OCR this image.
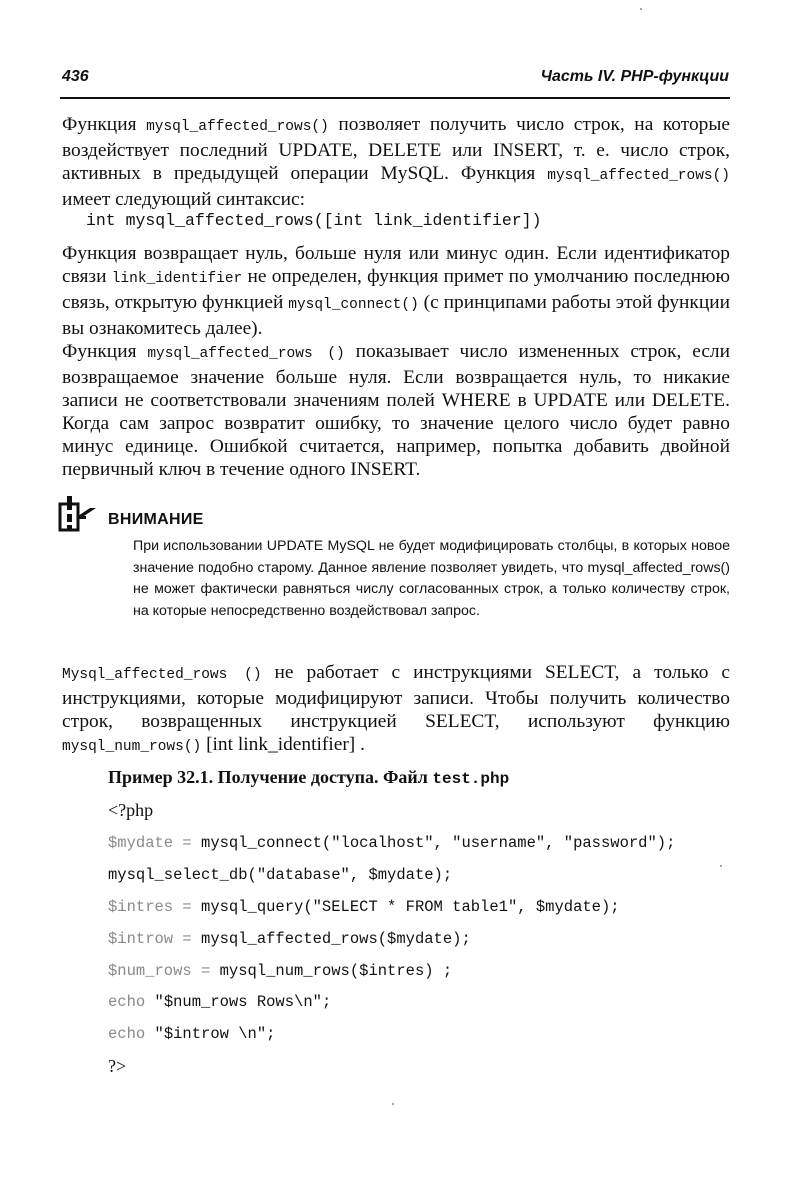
436	Часть IV. PHP-функции

Функция mysql_affected_rows() позволяет получить число строк, на которые воздействует последний UPDATE, DELETE или INSERT, т. е. число строк, активных в предыдущей операции MySQL. Функция mysql_affected_rows() имеет следующий синтаксис:

int mysql_affected_rows([int link_identifier])

Функция возвращает нуль, больше нуля или минус один. Если идентификатор связи link_identifier не определен, функция примет по умолчанию последнюю связь, открытую функцией mysql_connect() (с принципами работы этой функции вы ознакомитесь далее).

Функция mysql_affected_rows () показывает число измененных строк, если возвращаемое значение больше нуля. Если возвращается нуль, то никакие записи не соответствовали значениям полей WHERE в UPDATE или DELETE. Когда сам запрос возвратит ошибку, то значение целого число будет равно минус единице. Ошибкой считается, например, попытка добавить двойной первичный ключ в течение одного INSERT.

ВНИМАНИЕ

При использовании UPDATE MySQL не будет модифицировать столбцы, в которых новое значение подобно старому. Данное явление позволяет увидеть, что mysql_affected_rows() не может фактически равняться числу согласованных строк, а только количеству строк, на которые непосредственно воздействовал запрос.

Mysql_affected_rows () не работает с инструкциями SELECT, а только с инструкциями, которые модифицируют записи. Чтобы получить количество строк, возвращенных инструкцией SELECT, используют функцию mysql_num_rows() [int link_identifier] .

Пример 32.1. Получение доступа. Файл test.php
<?php
$mydate = mysql_connect("localhost", "username", "password");
mysql_select_db("database", $mydate);
$intres = mysql_query("SELECT * FROM table1", $mydate);
$introw = mysql_affected_rows($mydate);
$num_rows = mysql_num_rows($intres) ;
echo "$num_rows Rows\n";
echo "$introw \n";
?>
